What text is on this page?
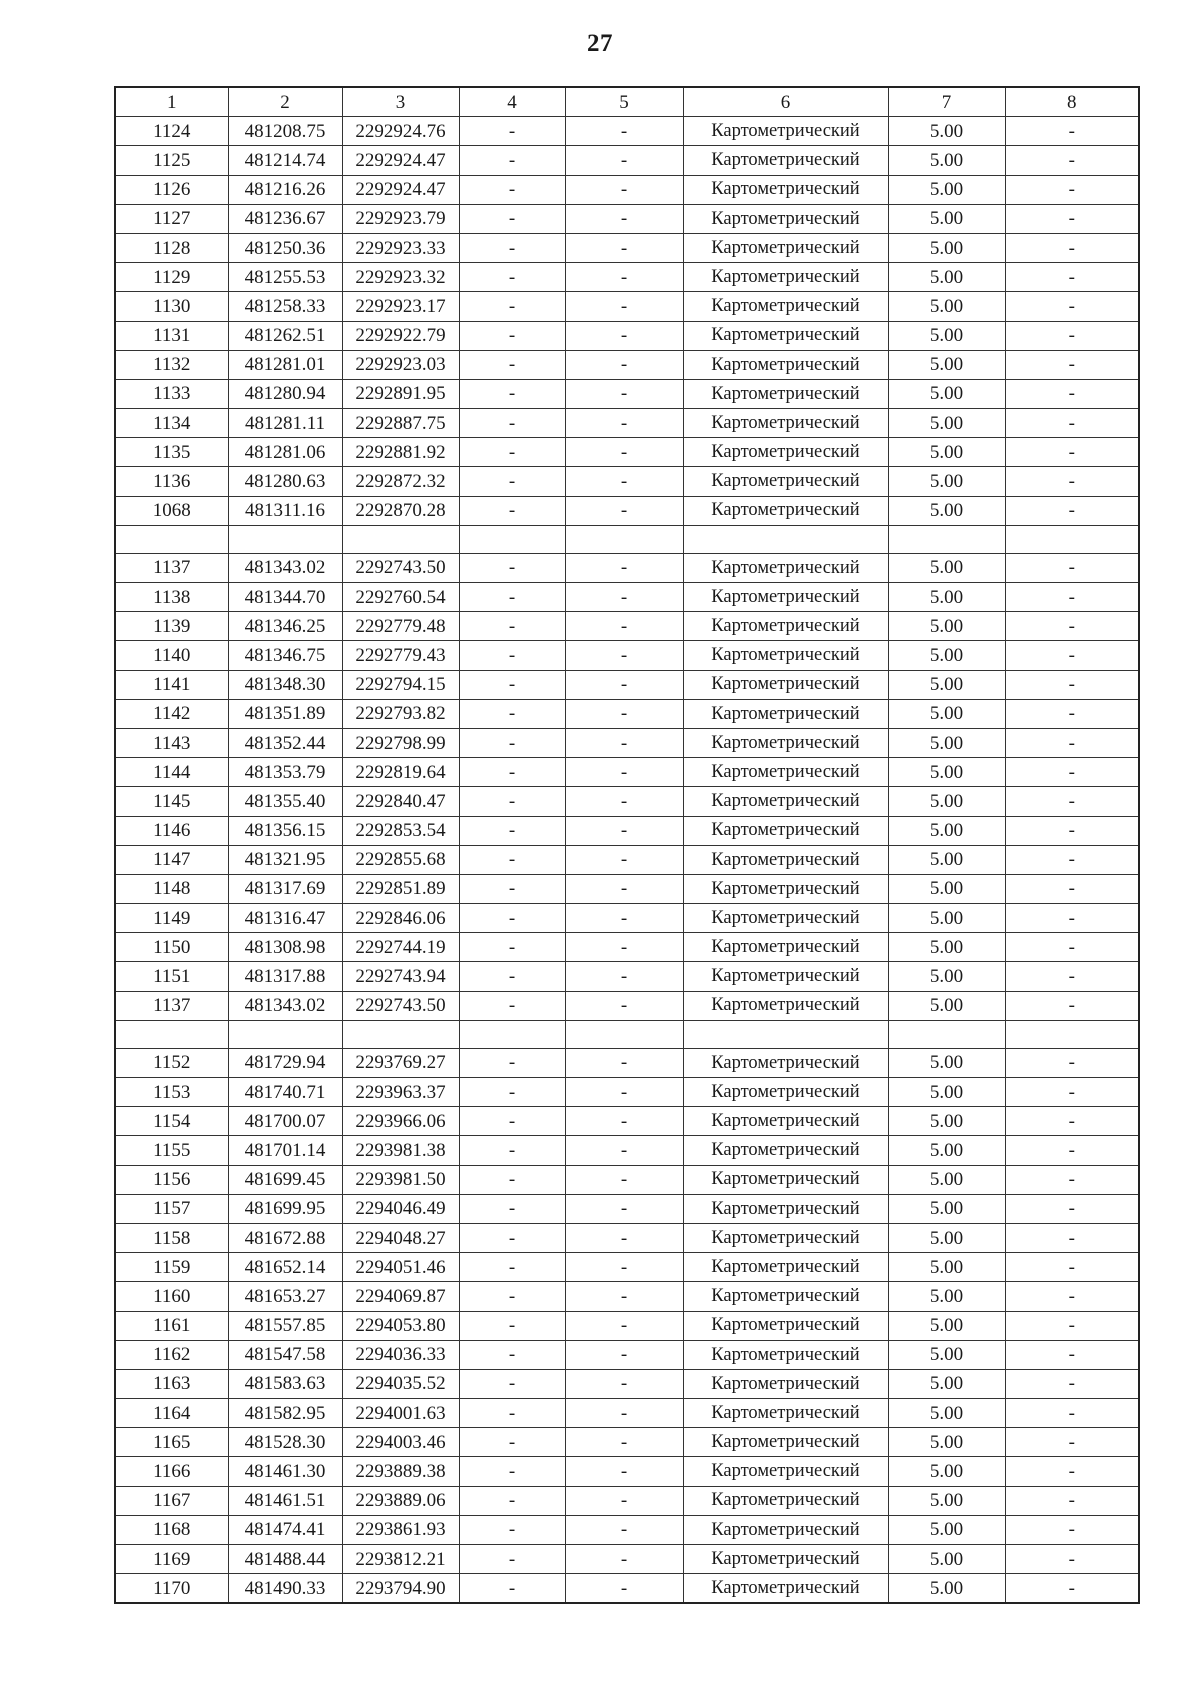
27
1	2	3	4	5	6	7	8
1124	481208.75	2292924.76	-	-	Картометрический	5.00	-
1125	481214.74	2292924.47	-	-	Картометрический	5.00	-
1126	481216.26	2292924.47	-	-	Картометрический	5.00	-
1127	481236.67	2292923.79	-	-	Картометрический	5.00	-
1128	481250.36	2292923.33	-	-	Картометрический	5.00	-
1129	481255.53	2292923.32	-	-	Картометрический	5.00	-
1130	481258.33	2292923.17	-	-	Картометрический	5.00	-
1131	481262.51	2292922.79	-	-	Картометрический	5.00	-
1132	481281.01	2292923.03	-	-	Картометрический	5.00	-
1133	481280.94	2292891.95	-	-	Картометрический	5.00	-
1134	481281.11	2292887.75	-	-	Картометрический	5.00	-
1135	481281.06	2292881.92	-	-	Картометрический	5.00	-
1136	481280.63	2292872.32	-	-	Картометрический	5.00	-
1068	481311.16	2292870.28	-	-	Картометрический	5.00	-

1137	481343.02	2292743.50	-	-	Картометрический	5.00	-
1138	481344.70	2292760.54	-	-	Картометрический	5.00	-
1139	481346.25	2292779.48	-	-	Картометрический	5.00	-
1140	481346.75	2292779.43	-	-	Картометрический	5.00	-
1141	481348.30	2292794.15	-	-	Картометрический	5.00	-
1142	481351.89	2292793.82	-	-	Картометрический	5.00	-
1143	481352.44	2292798.99	-	-	Картометрический	5.00	-
1144	481353.79	2292819.64	-	-	Картометрический	5.00	-
1145	481355.40	2292840.47	-	-	Картометрический	5.00	-
1146	481356.15	2292853.54	-	-	Картометрический	5.00	-
1147	481321.95	2292855.68	-	-	Картометрический	5.00	-
1148	481317.69	2292851.89	-	-	Картометрический	5.00	-
1149	481316.47	2292846.06	-	-	Картометрический	5.00	-
1150	481308.98	2292744.19	-	-	Картометрический	5.00	-
1151	481317.88	2292743.94	-	-	Картометрический	5.00	-
1137	481343.02	2292743.50	-	-	Картометрический	5.00	-

1152	481729.94	2293769.27	-	-	Картометрический	5.00	-
1153	481740.71	2293963.37	-	-	Картометрический	5.00	-
1154	481700.07	2293966.06	-	-	Картометрический	5.00	-
1155	481701.14	2293981.38	-	-	Картометрический	5.00	-
1156	481699.45	2293981.50	-	-	Картометрический	5.00	-
1157	481699.95	2294046.49	-	-	Картометрический	5.00	-
1158	481672.88	2294048.27	-	-	Картометрический	5.00	-
1159	481652.14	2294051.46	-	-	Картометрический	5.00	-
1160	481653.27	2294069.87	-	-	Картометрический	5.00	-
1161	481557.85	2294053.80	-	-	Картометрический	5.00	-
1162	481547.58	2294036.33	-	-	Картометрический	5.00	-
1163	481583.63	2294035.52	-	-	Картометрический	5.00	-
1164	481582.95	2294001.63	-	-	Картометрический	5.00	-
1165	481528.30	2294003.46	-	-	Картометрический	5.00	-
1166	481461.30	2293889.38	-	-	Картометрический	5.00	-
1167	481461.51	2293889.06	-	-	Картометрический	5.00	-
1168	481474.41	2293861.93	-	-	Картометрический	5.00	-
1169	481488.44	2293812.21	-	-	Картометрический	5.00	-
1170	481490.33	2293794.90	-	-	Картометрический	5.00	-
